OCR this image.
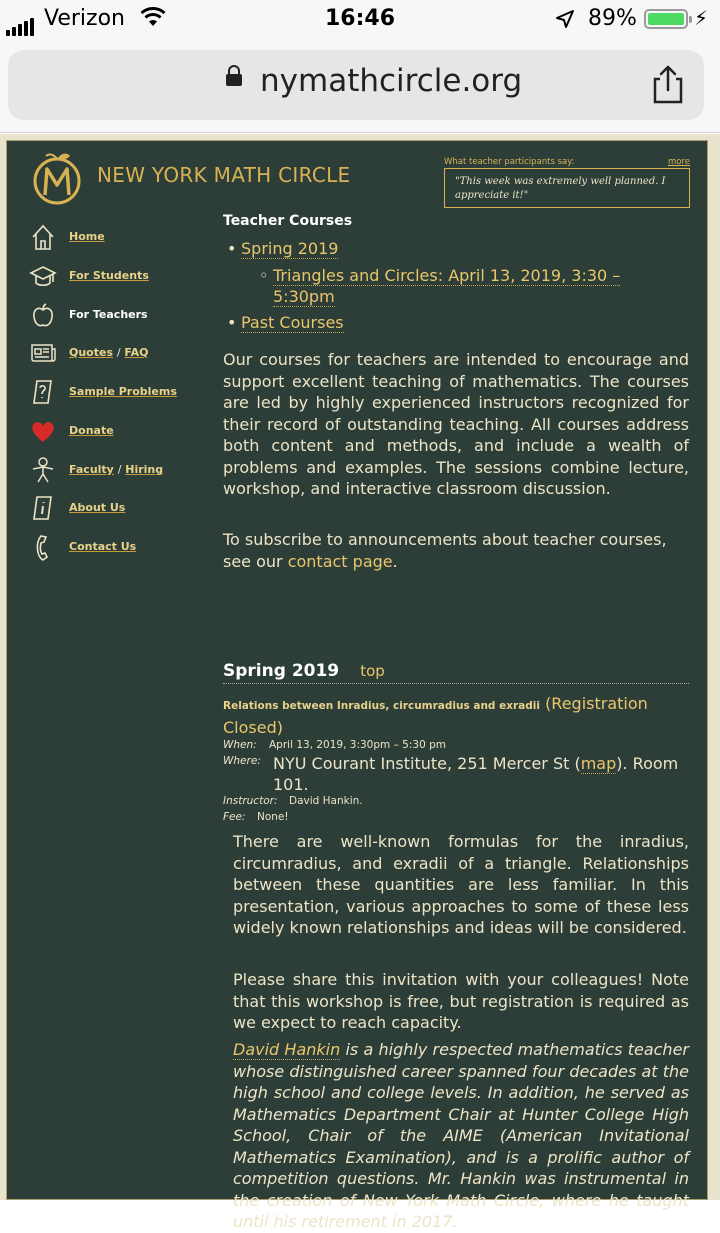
Verizon	16:46	89%	⚡
nymathcircle.org
NEW YORK MATH CIRCLE
What teacher participants say:	more
"This week was extremely well planned. I appreciate it!"
Home
For Students
For Teachers
Quotes / FAQ
Sample Problems
Donate
Faculty / Hiring
About Us
Contact Us
Teacher Courses
• Spring 2019
◦ Triangles and Circles: April 13, 2019, 3:30 – 5:30pm
• Past Courses
Our courses for teachers are intended to encourage and support excellent teaching of mathematics. The courses are led by highly experienced instructors recognized for their record of outstanding teaching. All courses address both content and methods, and include a wealth of problems and examples. The sessions combine lecture, workshop, and interactive classroom discussion.
To subscribe to announcements about teacher courses, see our contact page.
Spring 2019 top
Relations between Inradius, circumradius and exradii (Registration Closed)
When: April 13, 2019, 3:30pm – 5:30 pm
Where: NYU Courant Institute, 251 Mercer St (map). Room 101.
Instructor: David Hankin.
Fee: None!
There are well-known formulas for the inradius, circumradius, and exradii of a triangle. Relationships between these quantities are less familiar. In this presentation, various approaches to some of these less widely known relationships and ideas will be considered.
Please share this invitation with your colleagues! Note that this workshop is free, but registration is required as we expect to reach capacity.
David Hankin is a highly respected mathematics teacher whose distinguished career spanned four decades at the high school and college levels. In addition, he served as Mathematics Department Chair at Hunter College High School, Chair of the AIME (American Invitational Mathematics Examination), and is a prolific author of competition questions. Mr. Hankin was instrumental in the creation of New York Math Circle, where he taught until his retirement in 2017.
